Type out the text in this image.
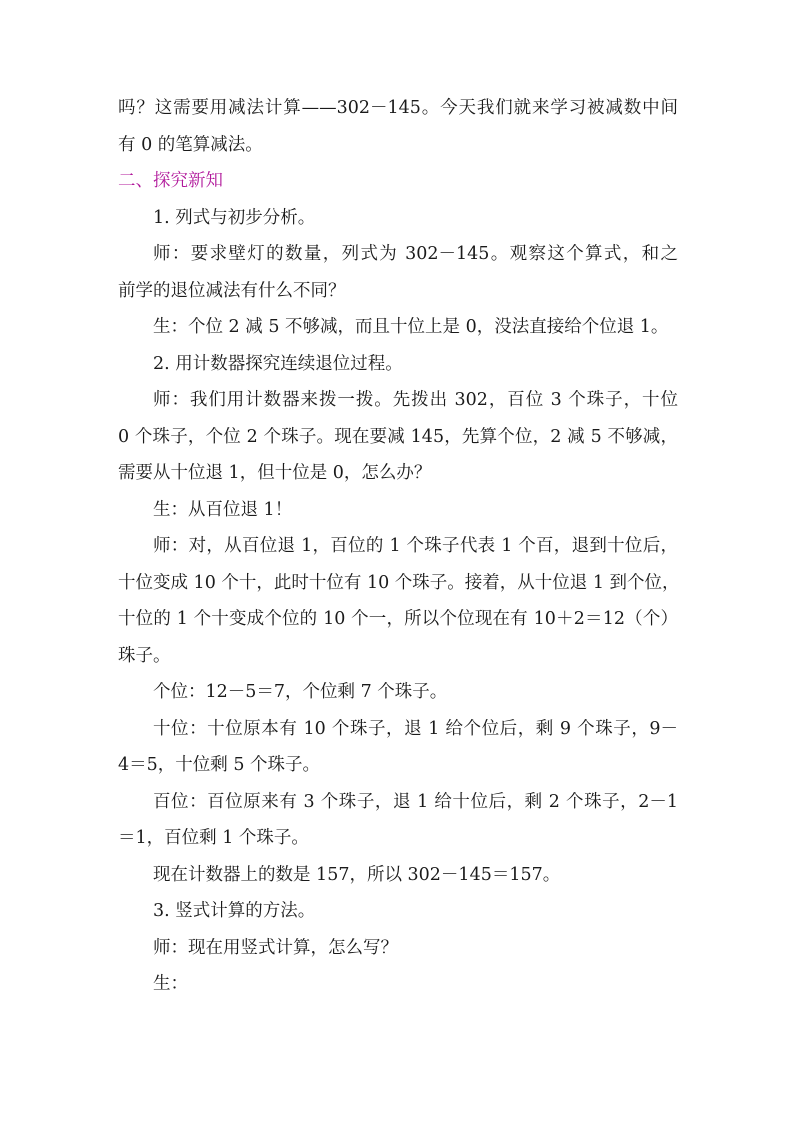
吗？这需要用减法计算——302－145。今天我们就来学习被减数中间
有 0 的笔算减法。
二、探究新知
1. 列式与初步分析。
师：要求壁灯的数量，列式为 302－145。观察这个算式，和之
前学的退位减法有什么不同？
生：个位 2 减 5 不够减，而且十位上是 0，没法直接给个位退 1。
2. 用计数器探究连续退位过程。
师：我们用计数器来拨一拨。先拨出 302，百位 3 个珠子，十位
0 个珠子，个位 2 个珠子。现在要减 145，先算个位，2 减 5 不够减，
需要从十位退 1，但十位是 0，怎么办？
生：从百位退 1！
师：对，从百位退 1，百位的 1 个珠子代表 1 个百，退到十位后，
十位变成 10 个十，此时十位有 10 个珠子。接着，从十位退 1 到个位，
十位的 1 个十变成个位的 10 个一，所以个位现在有 10＋2＝12（个）
珠子。
个位：12－5＝7，个位剩 7 个珠子。
十位：十位原本有 10 个珠子，退 1 给个位后，剩 9 个珠子，9－
4＝5，十位剩 5 个珠子。
百位：百位原来有 3 个珠子，退 1 给十位后，剩 2 个珠子，2－1
＝1，百位剩 1 个珠子。
现在计数器上的数是 157，所以 302－145＝157。
3. 竖式计算的方法。
师：现在用竖式计算，怎么写？
生：
